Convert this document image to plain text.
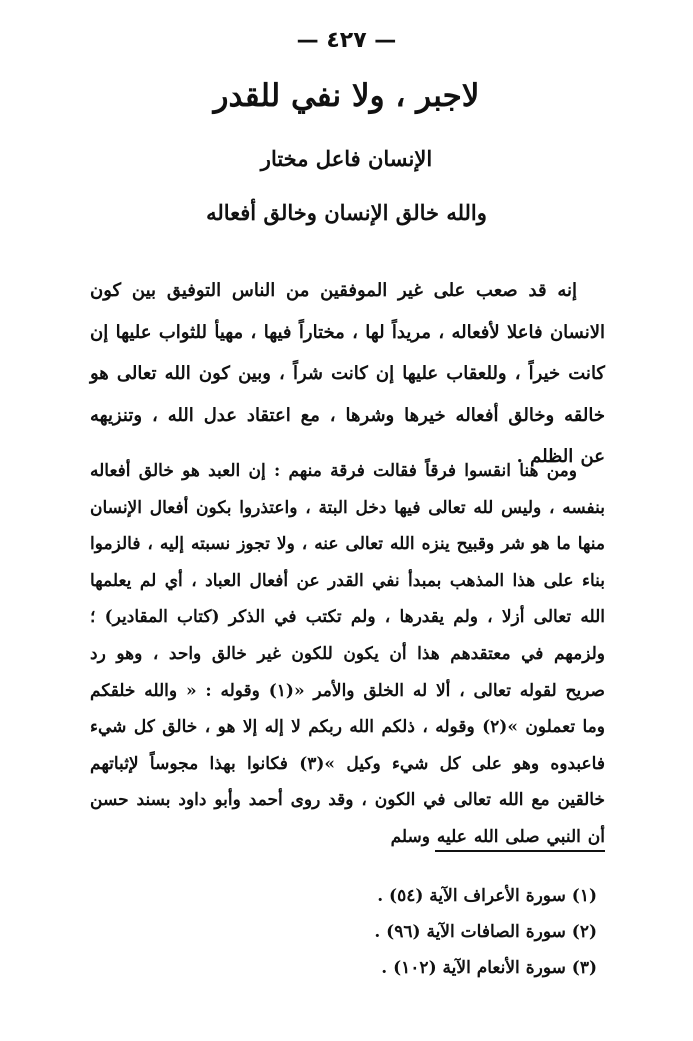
— ٤٢٧ —
لاجبر ، ولا نفي للقدر
الإنسان فاعل مختار
والله خالق الإنسان وخالق أفعاله

إنه قد صعب على غير الموفقين من الناس التوفيق بين كون الانسان فاعلا لأفعاله ، مريداً لها ، مختاراً فيها ، مهيأ للثواب عليها إن كانت خيراً ، وللعقاب عليها إن كانت شراً ، وبين كون الله تعالى هو خالقه وخالق أفعاله خيرها وشرها ، مع اعتقاد عدل الله ، وتنزيهه عن الظلم .

ومن هنا انقسوا فرقاً فقالت فرقة منهم : إن العبد هو خالق أفعاله بنفسه ، وليس لله تعالى فيها دخل البتة ، واعتذروا بكون أفعال الإنسان منها ما هو شر وقبيح ينزه الله تعالى عنه ، ولا تجوز نسبته إليه ، فالزموا بناء على هذا المذهب بمبدأ نفي القدر عن أفعال العباد ، أي لم يعلمها الله تعالى أزلا ، ولم يقدرها ، ولم تكتب في الذكر (كتاب المقادير) ؛ ولزمهم في معتقدهم هذا أن يكون للكون غير خالق واحد ، وهو رد صريح لقوله تعالى ، ألا له الخلق والأمر «(١) وقوله : « والله خلقكم وما تعملون »(٢) وقوله ، ذلكم الله ربكم لا إله إلا هو ، خالق كل شيء فاعبدوه وهو على كل شيء وكيل »(٣) فكانوا بهذا مجوساً لإثباتهم خالقين مع الله تعالى في الكون ، وقد روى أحمد وأبو داود بسند حسن أن النبي صلى الله عليه وسلم

(١) سورة الأعراف الآية (٥٤) .
(٢) سورة الصافات الآية (٩٦) .
(٣) سورة الأنعام الآية (١٠٢) .
